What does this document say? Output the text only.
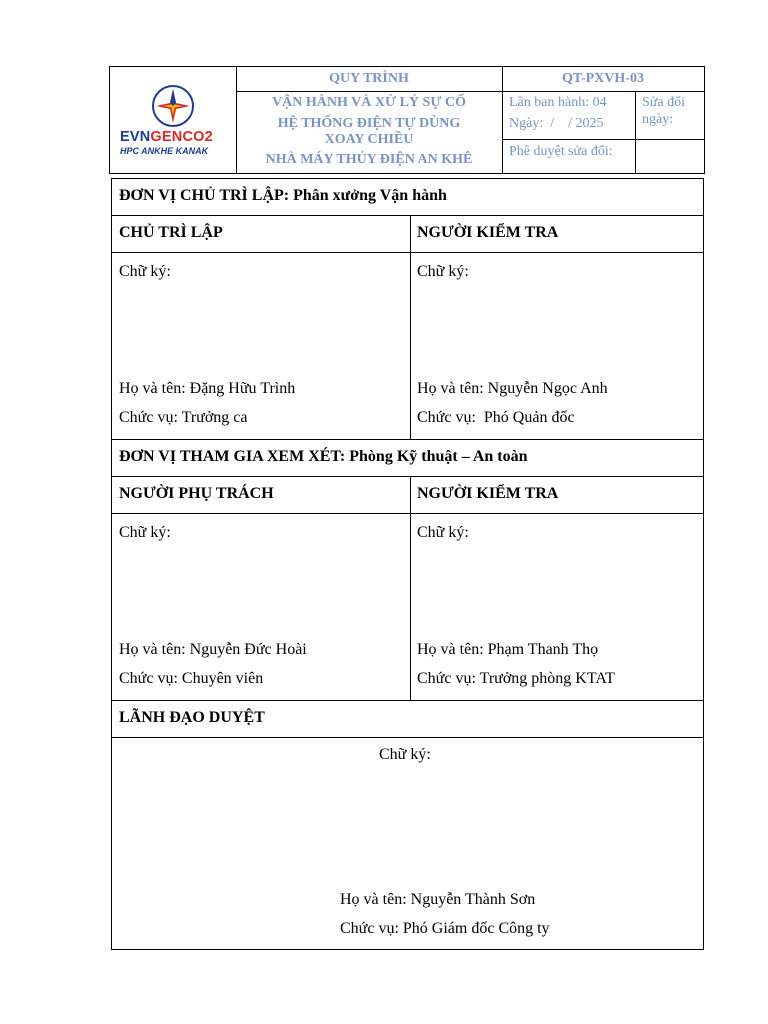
EVNGENCO2
HPC ANKHE KANAK
QUY TRÌNH
VẬN HÀNH VÀ XỬ LÝ SỰ CỐ
HỆ THỐNG ĐIỆN TỰ DÙNG
XOAY CHIỀU
NHÀ MÁY THỦY ĐIỆN AN KHÊ
QT-PXVH-03
Lần ban hành: 04
Ngày:  /    / 2025
Sửa đổi
ngày:
Phê duyệt sửa đổi:
ĐƠN VỊ CHỦ TRÌ LẬP: Phân xưởng Vận hành
CHỦ TRÌ LẬP	NGƯỜI KIỂM TRA
Chữ ký:
Họ và tên: Đặng Hữu Trình
Chức vụ: Trưởng ca
Chữ ký:
Họ và tên: Nguyễn Ngọc Anh
Chức vụ:  Phó Quản đốc
ĐƠN VỊ THAM GIA XEM XÉT: Phòng Kỹ thuật – An toàn
NGƯỜI PHỤ TRÁCH	NGƯỜI KIỂM TRA
Chữ ký:
Họ và tên: Nguyễn Đức Hoài
Chức vụ: Chuyên viên
Chữ ký:
Họ và tên: Phạm Thanh Thọ
Chức vụ: Trưởng phòng KTAT
LÃNH ĐẠO DUYỆT
Chữ ký:
Họ và tên: Nguyễn Thành Sơn
Chức vụ: Phó Giám đốc Công ty
